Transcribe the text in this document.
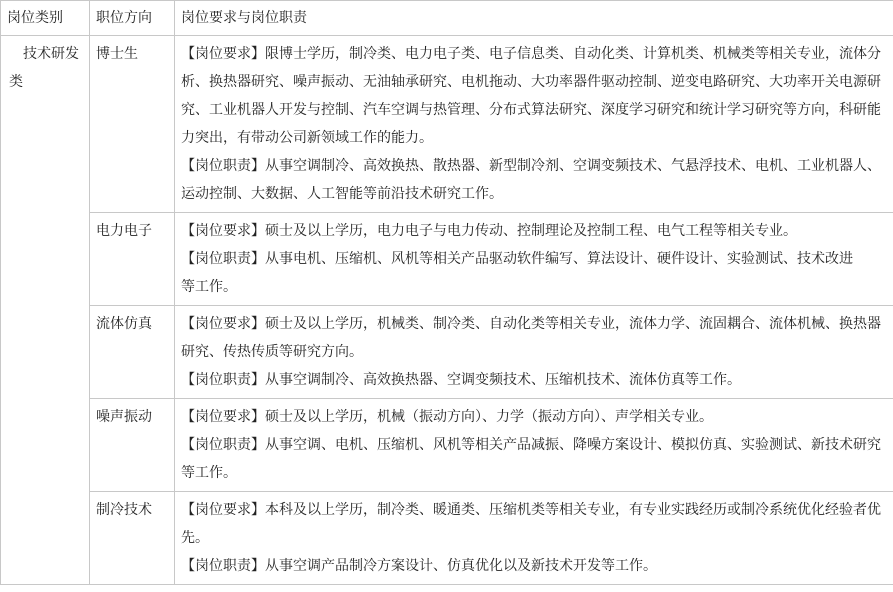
岗位类别	职位方向	岗位要求与岗位职责

技术研发类	博士生	【岗位要求】限博士学历，制冷类、电力电子类、电子信息类、自动化类、计算机类、机械类等相关专业，流体分析、换热器研究、噪声振动、无油轴承研究、电机拖动、大功率器件驱动控制、逆变电路研究、大功率开关电源研究、工业机器人开发与控制、汽车空调与热管理、分布式算法研究、深度学习研究和统计学习研究等方向，科研能力突出，有带动公司新领域工作的能力。
【岗位职责】从事空调制冷、高效换热、散热器、新型制冷剂、空调变频技术、气悬浮技术、电机、工业机器人、运动控制、大数据、人工智能等前沿技术研究工作。

	电力电子	【岗位要求】硕士及以上学历，电力电子与电力传动、控制理论及控制工程、电气工程等相关专业。
【岗位职责】从事电机、压缩机、风机等相关产品驱动软件编写、算法设计、硬件设计、实验测试、技术改进
等工作。

	流体仿真	【岗位要求】硕士及以上学历，机械类、制冷类、自动化类等相关专业，流体力学、流固耦合、流体机械、换热器研究、传热传质等研究方向。
【岗位职责】从事空调制冷、高效换热器、空调变频技术、压缩机技术、流体仿真等工作。

	噪声振动	【岗位要求】硕士及以上学历，机械（振动方向）、力学（振动方向）、声学相关专业。
【岗位职责】从事空调、电机、压缩机、风机等相关产品减振、降噪方案设计、模拟仿真、实验测试、新技术研究等工作。

	制冷技术	【岗位要求】本科及以上学历，制冷类、暖通类、压缩机类等相关专业，有专业实践经历或制冷系统优化经验者优先。
【岗位职责】从事空调产品制冷方案设计、仿真优化以及新技术开发等工作。
